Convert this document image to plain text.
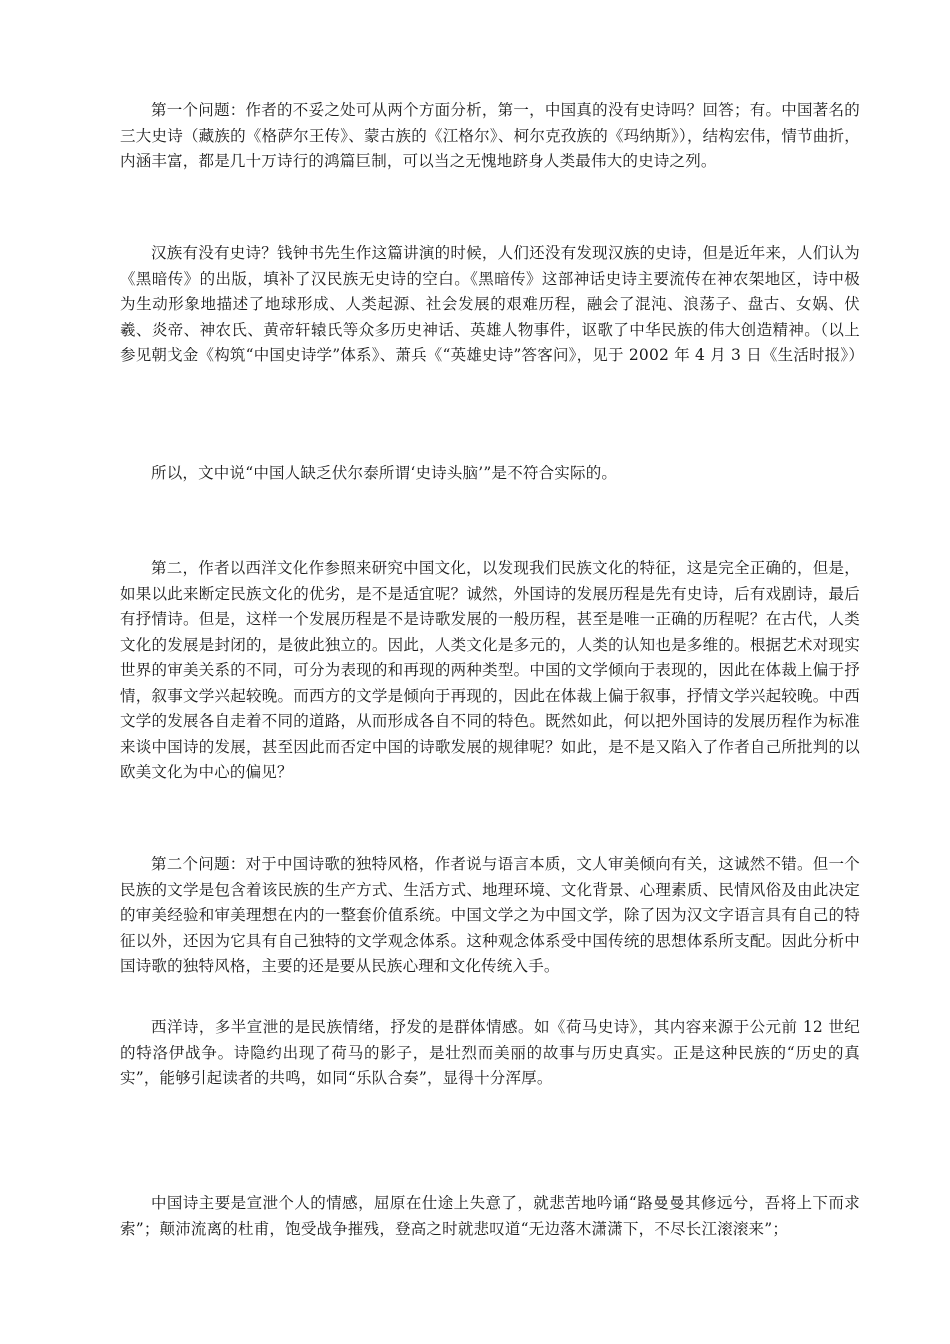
第一个问题：作者的不妥之处可从两个方面分析，第一，中国真的没有史诗吗？回答；有。中国著名的三大史诗（藏族的《格萨尔王传》、蒙古族的《江格尔》、柯尔克孜族的《玛纳斯》），结构宏伟，情节曲折，内涵丰富，都是几十万诗行的鸿篇巨制，可以当之无愧地跻身人类最伟大的史诗之列。

汉族有没有史诗？钱钟书先生作这篇讲演的时候，人们还没有发现汉族的史诗，但是近年来，人们认为《黑暗传》的出版，填补了汉民族无史诗的空白。《黑暗传》这部神话史诗主要流传在神农架地区，诗中极为生动形象地描述了地球形成、人类起源、社会发展的艰难历程，融会了混沌、浪荡子、盘古、女娲、伏羲、炎帝、神农氏、黄帝轩辕氏等众多历史神话、英雄人物事件，讴歌了中华民族的伟大创造精神。（以上参见朝戈金《构筑“中国史诗学”体系》、萧兵《“英雄史诗”答客问》，见于 2002 年 4 月 3 日《生活时报》）

所以，文中说“中国人缺乏伏尔泰所谓‘史诗头脑’”是不符合实际的。

第二，作者以西洋文化作参照来研究中国文化，以发现我们民族文化的特征，这是完全正确的，但是，如果以此来断定民族文化的优劣，是不是适宜呢？诚然，外国诗的发展历程是先有史诗，后有戏剧诗，最后有抒情诗。但是，这样一个发展历程是不是诗歌发展的一般历程，甚至是唯一正确的历程呢？在古代，人类文化的发展是封闭的，是彼此独立的。因此，人类文化是多元的，人类的认知也是多维的。根据艺术对现实世界的审美关系的不同，可分为表现的和再现的两种类型。中国的文学倾向于表现的，因此在体裁上偏于抒情，叙事文学兴起较晚。而西方的文学是倾向于再现的，因此在体裁上偏于叙事，抒情文学兴起较晚。中西文学的发展各自走着不同的道路，从而形成各自不同的特色。既然如此，何以把外国诗的发展历程作为标准来谈中国诗的发展，甚至因此而否定中国的诗歌发展的规律呢？如此，是不是又陷入了作者自己所批判的以欧美文化为中心的偏见？

第二个问题：对于中国诗歌的独特风格，作者说与语言本质，文人审美倾向有关，这诚然不错。但一个民族的文学是包含着该民族的生产方式、生活方式、地理环境、文化背景、心理素质、民情风俗及由此决定的审美经验和审美理想在内的一整套价值系统。中国文学之为中国文学，除了因为汉文字语言具有自己的特征以外，还因为它具有自己独特的文学观念体系。这种观念体系受中国传统的思想体系所支配。因此分析中国诗歌的独特风格，主要的还是要从民族心理和文化传统入手。

西洋诗，多半宣泄的是民族情绪，抒发的是群体情感。如《荷马史诗》，其内容来源于公元前 12 世纪的特洛伊战争。诗隐约出现了荷马的影子，是壮烈而美丽的故事与历史真实。正是这种民族的“历史的真实”，能够引起读者的共鸣，如同“乐队合奏”，显得十分浑厚。

中国诗主要是宣泄个人的情感，屈原在仕途上失意了，就悲苦地吟诵“路曼曼其修远兮，吾将上下而求索”；颠沛流离的杜甫，饱受战争摧残，登高之时就悲叹道“无边落木潇潇下，不尽长江滚滚来”；
